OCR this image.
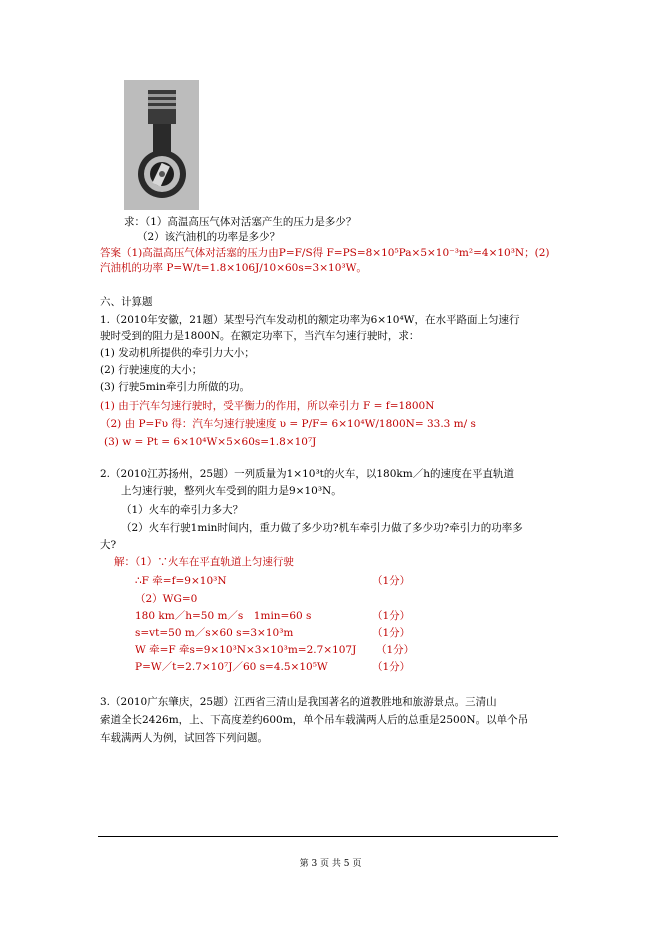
求：（1）高温高压气体对活塞产生的压力是多少？
（2）该汽油机的功率是多少？
答案（1)高温高压气体对活塞的压力由P=F/S得 F=PS=8×10⁵Pa×5×10⁻³m²=4×10³N；(2)
汽油机的功率 P=W/t=1.8×106J/10×60s=3×10³W。
六、计算题
1.（2010年安徽，21题）某型号汽车发动机的额定功率为6×10⁴W，在水平路面上匀速行
驶时受到的阻力是1800N。在额定功率下，当汽车匀速行驶时，求：
(1) 发动机所提供的牵引力大小；
(2) 行驶速度的大小；
(3) 行驶5min牵引力所做的功。
(1) 由于汽车匀速行驶时，受平衡力的作用，所以牵引力 F = f=1800N
（2) 由 P=Fυ 得：汽车匀速行驶速度 υ = P/F= 6×10⁴W/1800N= 33.3 m/ s
(3) w = Pt = 6×10⁴W×5×60s=1.8×10⁷J
2.（2010江苏扬州，25题）一列质量为1×10³t的火车，以180km／h的速度在平直轨道
上匀速行驶，整列火车受到的阻力是9×10³N。
（1）火车的牵引力多大？
（2）火车行驶1min时间内，重力做了多少功?机车牵引力做了多少功?牵引力的功率多
大?
解：（1）∵火车在平直轨道上匀速行驶
∴F 牵=f=9×10³N
（2）WG=0
180 km／h=50 m／s　1min=60 s
s=vt=50 m／s×60 s=3×10³m
W 牵=F 牵s=9×10³N×3×10³m=2.7×107J
P=W／t=2.7×10⁷J／60 s=4.5×10⁵W
（1分）
（1分）
（1分）
（1分）
（1分）
3.（2010广东肇庆，25题）江西省三清山是我国著名的道教胜地和旅游景点。三清山
索道全长2426m，上、下高度差约600m，单个吊车载满两人后的总重是2500N。以单个吊
车载满两人为例，试回答下列问题。
第 3 页 共 5 页
